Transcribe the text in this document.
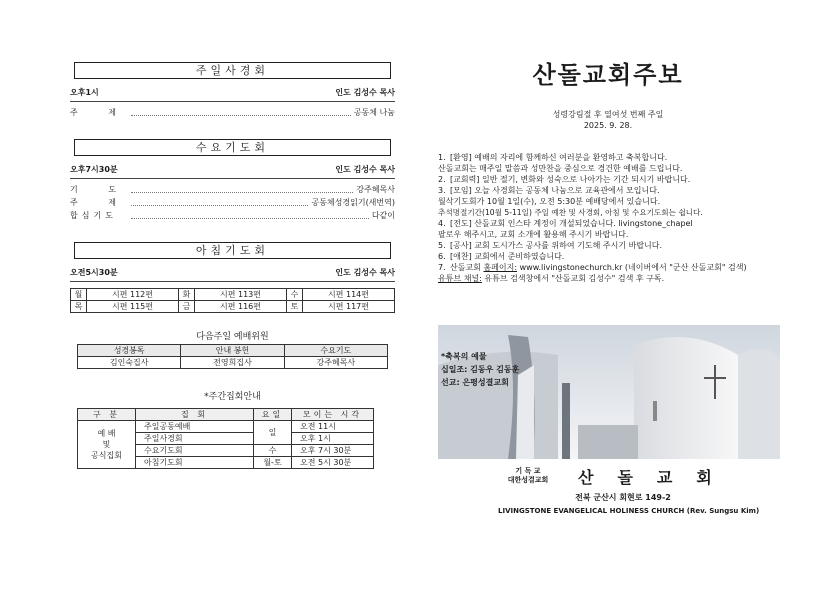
주일사경회
오후1시	인도 김성수 목사
주 제	공동체 나눔
수요기도회
오후7시30분	인도 김성수 목사
기 도	강주혜목사
주 제	공동체성경읽기(새번역)
합심기도	다같이
아침기도회
오전5시30분	인도 김성수 목사
월	시편 112편	화	시편 113편	수	시편 114편
목	시편 115편	금	시편 116편	토	시편 117편
다음주일 예배위원
성경봉독	안내 봉헌	수요기도
김인숙집사	전영희집사	강주혜목사
*주간집회안내
구 분	집 회	요일	모이는 시각

예 배
및
공식집회	주일공동예배	일	오전 11시
	주일사경회		오후 1시
	수요기도회	수	오후 7시 30분
	아침기도회	월-토	오전 5시 30분
산돌교회주보
성령강림절 후 열여섯 번째 주일
2025. 9. 28.
1. [환영] 예배의 자리에 함께하신 여러분을 환영하고 축복합니다.
산돌교회는 매주일 말씀과 성만찬을 중심으로 경건한 예배를 드립니다.
2. [교회력] 일반 절기, 변화와 성숙으로 나아가는 기간 되시기 바랍니다.
3. [모임] 오늘 사경회는 공동체 나눔으로 교육관에서 모입니다.
월삭기도회가 10월 1일(수), 오전 5:30분 예배당에서 있습니다.
추석명절기간(10월 5-11일) 주일 예찬 및 사경회, 아침 및 수요기도회는 쉽니다.
4. [전도] 산돌교회 인스타 계정이 개설되었습니다. livingstone_chapel
팔로우 해주시고, 교회 소개에 활용해 주시기 바랍니다.
5. [공사] 교회 도시가스 공사를 위하여 기도해 주시기 바랍니다.
6. [애찬] 교회에서 준비하였습니다.
7. 산돌교회 홈페이지: www.livingstonechurch.kr (네이버에서 "군산 산돌교회" 검색)
유튜브 채널: 유튜브 검색창에서 "산돌교회 김성수" 검색 후 구독.
*축복의 예물
십일조: 김동우 김동훈
선교: 은평성결교회
기 독 교
대한성결교회	산돌교회
전북 군산시 회현로 149-2
LIVINGSTONE EVANGELICAL HOLINESS CHURCH (Rev. Sungsu Kim)
